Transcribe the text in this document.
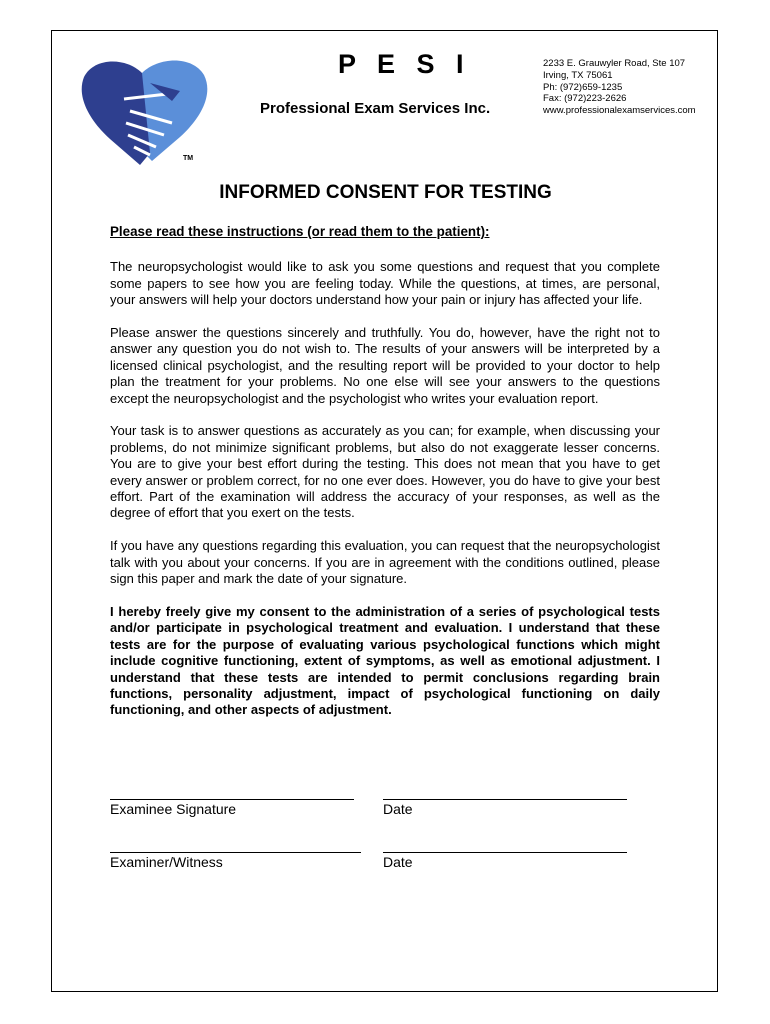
TM
P E S I
Professional Exam Services Inc.
2233 E. Grauwyler Road, Ste 107
Irving, TX 75061
Ph: (972)659-1235
Fax: (972)223-2626
www.professionalexamservices.com
INFORMED CONSENT FOR TESTING

Please read these instructions (or read them to the patient):

The neuropsychologist would like to ask you some questions and request that you complete some papers to see how you are feeling today. While the questions, at times, are personal, your answers will help your doctors understand how your pain or injury has affected your life.

Please answer the questions sincerely and truthfully. You do, however, have the right not to answer any question you do not wish to. The results of your answers will be interpreted by a licensed clinical psychologist, and the resulting report will be provided to your doctor to help plan the treatment for your problems. No one else will see your answers to the questions except the neuropsychologist and the psychologist who writes your evaluation report.

Your task is to answer questions as accurately as you can; for example, when discussing your problems, do not minimize significant problems, but also do not exaggerate lesser concerns. You are to give your best effort during the testing. This does not mean that you have to get every answer or problem correct, for no one ever does. However, you do have to give your best effort. Part of the examination will address the accuracy of your responses, as well as the degree of effort that you exert on the tests.

If you have any questions regarding this evaluation, you can request that the neuropsychologist talk with you about your concerns. If you are in agreement with the conditions outlined, please sign this paper and mark the date of your signature.

I hereby freely give my consent to the administration of a series of psychological tests and/or participate in psychological treatment and evaluation. I understand that these tests are for the purpose of evaluating various psychological functions which might include cognitive functioning, extent of symptoms, as well as emotional adjustment. I understand that these tests are intended to permit conclusions regarding brain functions, personality adjustment, impact of psychological functioning on daily functioning, and other aspects of adjustment.

Examinee Signature	Date
Examiner/Witness	Date
